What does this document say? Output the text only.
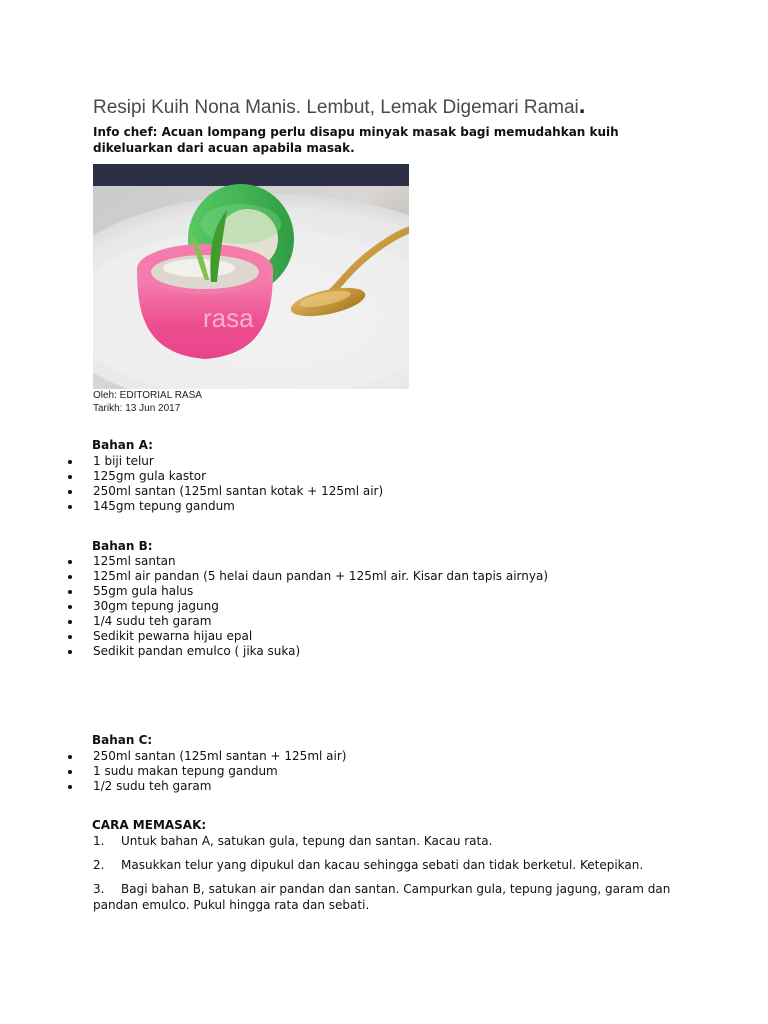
Resipi Kuih Nona Manis. Lembut, Lemak Digemari Ramai.

Info chef: Acuan lompang perlu disapu minyak masak bagi memudahkan kuih dikeluarkan dari acuan apabila masak.

rasa
Oleh: EDITORIAL RASA
Tarikh: 13 Jun 2017
Bahan A:
1 biji telur
125gm gula kastor
250ml santan (125ml santan kotak + 125ml air)
145gm tepung gandum
Bahan B:
125ml santan
125ml air pandan (5 helai daun pandan + 125ml air. Kisar dan tapis airnya)
55gm gula halus
30gm tepung jagung
1/4 sudu teh garam
Sedikit pewarna hijau epal
Sedikit pandan emulco ( jika suka)
Bahan C:
250ml santan (125ml santan + 125ml air)
1 sudu makan tepung gandum
1/2 sudu teh garam
CARA MEMASAK:
1. Untuk bahan A, satukan gula, tepung dan santan. Kacau rata.
2. Masukkan telur yang dipukul dan kacau sehingga sebati dan tidak berketul. Ketepikan.
3.	Bagi bahan B, satukan air pandan dan santan. Campurkan gula, tepung jagung, garam dan pandan emulco. Pukul hingga rata dan sebati.
